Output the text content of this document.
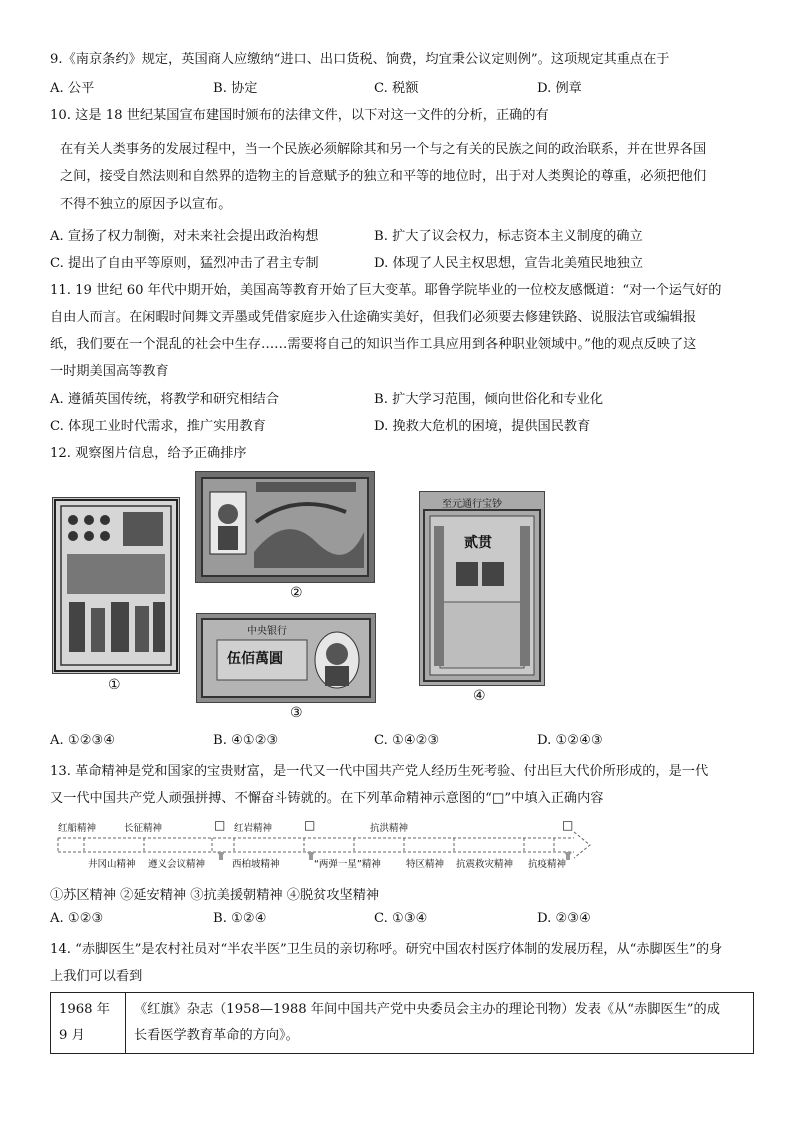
9.《南京条约》规定，英国商人应缴纳“进口、出口货税、饷费，均宜秉公议定则例”。这项规定其重点在于
A. 公平	B. 协定	C. 税额	D. 例章
10. 这是 18 世纪某国宣布建国时颁布的法律文件，以下对这一文件的分析，正确的有
在有关人类事务的发展过程中，当一个民族必须解除其和另一个与之有关的民族之间的政治联系，并在世界各国
之间，接受自然法则和自然界的造物主的旨意赋予的独立和平等的地位时，出于对人类舆论的尊重，必须把他们
不得不独立的原因予以宣布。
A. 宣扬了权力制衡，对未来社会提出政治构想	B. 扩大了议会权力，标志资本主义制度的确立
C. 提出了自由平等原则，猛烈冲击了君主专制	D. 体现了人民主权思想，宣告北美殖民地独立
11. 19 世纪 60 年代中期开始，美国高等教育开始了巨大变革。耶鲁学院毕业的一位校友感慨道：“对一个运气好的
自由人而言。在闲暇时间舞文弄墨或凭借家庭步入仕途确实美好，但我们必须要去修建铁路、说服法官或编辑报
纸，我们要在一个混乱的社会中生存……需要将自己的知识当作工具应用到各种职业领域中。”他的观点反映了这
一时期美国高等教育
A. 遵循英国传统，将教学和研究相结合	B. 扩大学习范围，倾向世俗化和专业化
C. 体现工业时代需求，推广实用教育	D. 挽救大危机的困境，提供国民教育
12. 观察图片信息，给予正确排序
①
②
中央银行
伍佰萬圓
③
至元通行宝钞
贰贯
④
A. ①②③④	B. ④①②③	C. ①④②③	D. ①②④③
13. 革命精神是党和国家的宝贵财富，是一代又一代中国共产党人经历生死考验、付出巨大代价所形成的，是一代
又一代中国共产党人顽强拼搏、不懈奋斗铸就的。在下列革命精神示意图的“□”中填入正确内容
红船精神	长征精神	□ 红岩精神	□	抗洪精神	□
井冈山精神 遵义会议精神	西柏坡精神	“两弹一星”精神	特区精神 抗震救灾精神 抗疫精神
①苏区精神 ②延安精神 ③抗美援朝精神 ④脱贫攻坚精神
A. ①②③	B. ①②④	C. ①③④	D. ②③④
14. “赤脚医生”是农村社员对“半农半医”卫生员的亲切称呼。研究中国农村医疗体制的发展历程，从“赤脚医生”的身
上我们可以看到
1968 年
9 月

《红旗》杂志（1958—1988 年间中国共产党中央委员会主办的理论刊物）发表《从“赤脚医生”的成
长看医学教育革命的方向》。
